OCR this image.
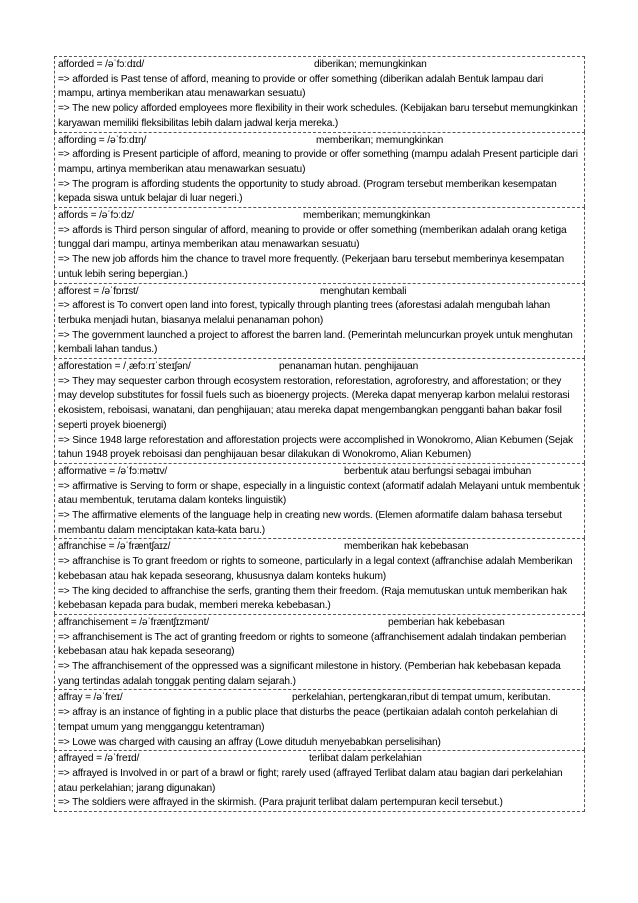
afforded = /əˈfɔːdɪd/	diberikan; memungkinkan
=> afforded is Past tense of afford, meaning to provide or offer something (diberikan adalah Bentuk lampau dari mampu, artinya memberikan atau menawarkan sesuatu)
=> The new policy afforded employees more flexibility in their work schedules. (Kebijakan baru tersebut memungkinkan karyawan memiliki fleksibilitas lebih dalam jadwal kerja mereka.)
affording = /əˈfɔːdɪŋ/	memberikan; memungkinkan
=> affording is Present participle of afford, meaning to provide or offer something (mampu adalah Present participle dari mampu, artinya memberikan atau menawarkan sesuatu)
=> The program is affording students the opportunity to study abroad. (Program tersebut memberikan kesempatan kepada siswa untuk belajar di luar negeri.)
affords = /əˈfɔːdz/	memberikan; memungkinkan
=> affords is Third person singular of afford, meaning to provide or offer something (memberikan adalah orang ketiga tunggal dari mampu, artinya memberikan atau menawarkan sesuatu)
=> The new job affords him the chance to travel more frequently. (Pekerjaan baru tersebut memberinya kesempatan untuk lebih sering bepergian.)
afforest = /əˈfɒrɪst/	menghutan kembali
=> afforest is To convert open land into forest, typically through planting trees (aforestasi adalah mengubah lahan terbuka menjadi hutan, biasanya melalui penanaman pohon)
=> The government launched a project to afforest the barren land. (Pemerintah meluncurkan proyek untuk menghutan kembali lahan tandus.)
afforestation = /ˌæfɔːrɪˈsteɪʃən/	penanaman hutan. penghijauan
=> They may sequester carbon through ecosystem restoration, reforestation, agroforestry, and afforestation; or they may develop substitutes for fossil fuels such as bioenergy projects. (Mereka dapat menyerap karbon melalui restorasi ekosistem, reboisasi, wanatani, dan penghijauan; atau mereka dapat mengembangkan pengganti bahan bakar fosil seperti proyek bioenergi)
=> Since 1948 large reforestation and afforestation projects were accomplished in Wonokromo, Alian Kebumen (Sejak tahun 1948 proyek reboisasi dan penghijauan besar dilakukan di Wonokromo, Alian Kebumen)
afformative = /əˈfɔːmətɪv/	berbentuk atau berfungsi sebagai imbuhan
=> affirmative is Serving to form or shape, especially in a linguistic context (aformatif adalah Melayani untuk membentuk atau membentuk, terutama dalam konteks linguistik)
=> The affirmative elements of the language help in creating new words. (Elemen aformatife dalam bahasa tersebut membantu dalam menciptakan kata-kata baru.)
affranchise = /əˈfræntʃaɪz/	memberikan hak kebebasan
=> affranchise is To grant freedom or rights to someone, particularly in a legal context (affranchise adalah Memberikan kebebasan atau hak kepada seseorang, khususnya dalam konteks hukum)
=> The king decided to affranchise the serfs, granting them their freedom. (Raja memutuskan untuk memberikan hak kebebasan kepada para budak, memberi mereka kebebasan.)
affranchisement = /əˈfræntʃɪzmənt/	pemberian hak kebebasan
=> affranchisement is The act of granting freedom or rights to someone (affranchisement adalah tindakan pemberian kebebasan atau hak kepada seseorang)
=> The affranchisement of the oppressed was a significant milestone in history. (Pemberian hak kebebasan kepada yang tertindas adalah tonggak penting dalam sejarah.)
affray = /əˈfreɪ/	perkelahian, pertengkaran,ribut di tempat umum, keributan.
=> affray is an instance of fighting in a public place that disturbs the peace (pertikaian adalah contoh perkelahian di tempat umum yang mengganggu ketentraman)
=> Lowe was charged with causing an affray (Lowe dituduh menyebabkan perselisihan)
affrayed = /əˈfreɪd/	terlibat dalam perkelahian
=> affrayed is Involved in or part of a brawl or fight; rarely used (affrayed Terlibat dalam atau bagian dari perkelahian atau perkelahian; jarang digunakan)
=> The soldiers were affrayed in the skirmish. (Para prajurit terlibat dalam pertempuran kecil tersebut.)
